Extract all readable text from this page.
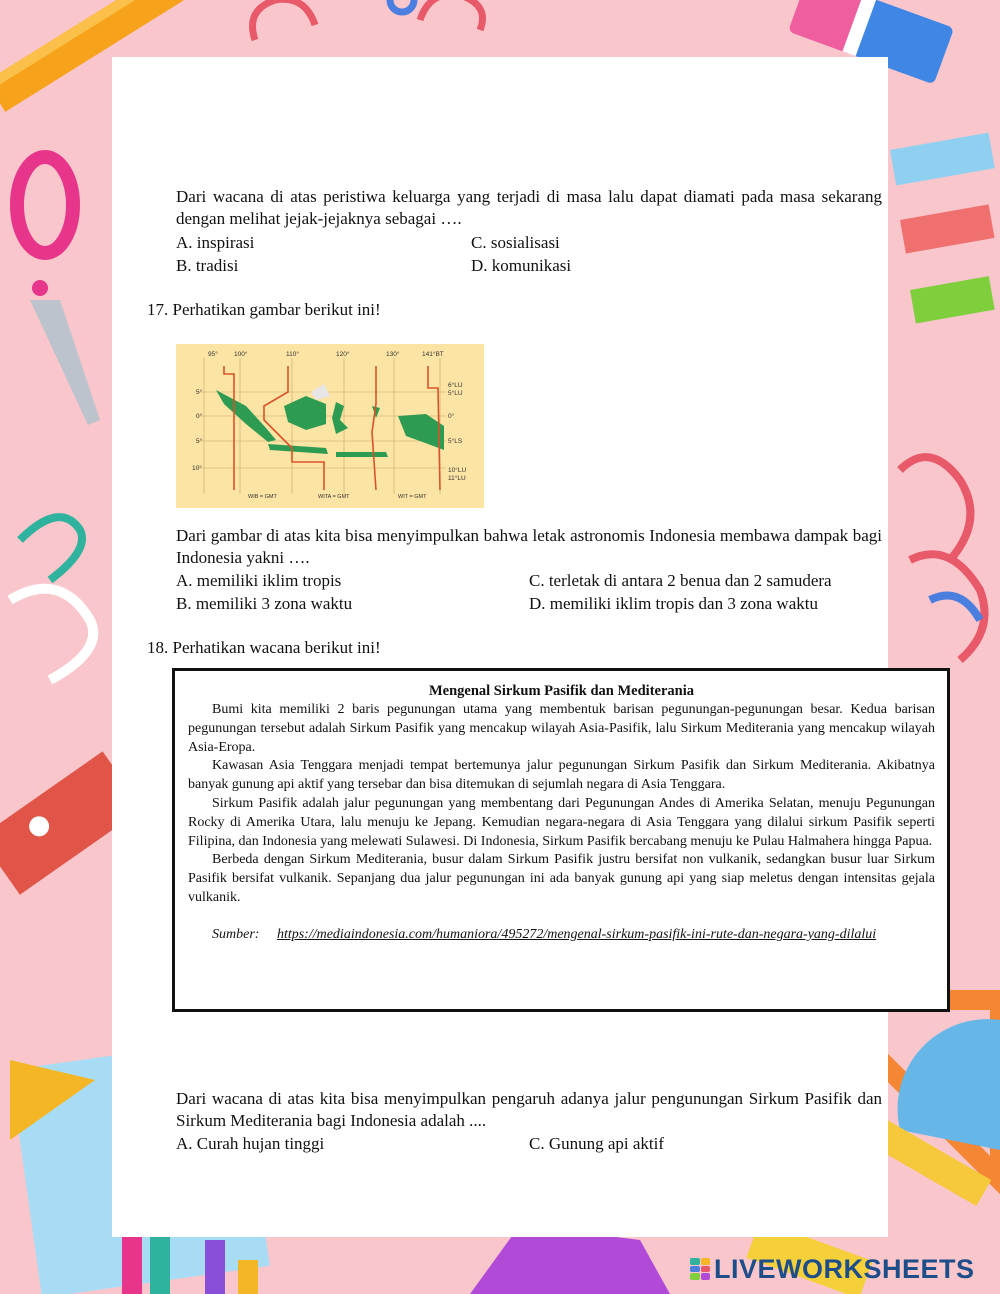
Dari wacana di atas peristiwa keluarga yang terjadi di masa lalu dapat diamati pada masa sekarang dengan melihat jejak-jejaknya sebagai ….

A. inspirasi	C. sosialisasi
B. tradisi	D. komunikasi
17. Perhatikan gambar berikut ini!
95° 100°	110°	120°	130°	141°BT
5°
0°
5°
10°
6°LU
5°LU
0°
5°LS
10°LU
11°LU
WIB = GMT	WITA = GMT	WIT = GMT

Dari gambar di atas kita bisa menyimpulkan bahwa letak astronomis Indonesia membawa dampak bagi Indonesia yakni ….

A. memiliki iklim tropis	C. terletak di antara 2 benua dan 2 samudera
B. memiliki 3 zona waktu	D. memiliki iklim tropis dan 3 zona waktu
18. Perhatikan wacana berikut ini!
Mengenal Sirkum Pasifik dan Mediterania

Bumi kita memiliki 2 baris pegunungan utama yang membentuk barisan pegunungan-pegunungan besar. Kedua barisan pegunungan tersebut adalah Sirkum Pasifik yang mencakup wilayah Asia-Pasifik, lalu Sirkum Mediterania yang mencakup wilayah Asia-Eropa.

Kawasan Asia Tenggara menjadi tempat bertemunya jalur pegunungan Sirkum Pasifik dan Sirkum Mediterania. Akibatnya banyak gunung api aktif yang tersebar dan bisa ditemukan di sejumlah negara di Asia Tenggara.

Sirkum Pasifik adalah jalur pegunungan yang membentang dari Pegunungan Andes di Amerika Selatan, menuju Pegunungan Rocky di Amerika Utara, lalu menuju ke Jepang. Kemudian negara-negara di Asia Tenggara yang dilalui sirkum Pasifik seperti Filipina, dan Indonesia yang melewati Sulawesi. Di Indonesia, Sirkum Pasifik bercabang menuju ke Pulau Halmahera hingga Papua.

Berbeda dengan Sirkum Mediterania, busur dalam Sirkum Pasifik justru bersifat non vulkanik, sedangkan busur luar Sirkum Pasifik bersifat vulkanik. Sepanjang dua jalur pegunungan ini ada banyak gunung api yang siap meletus dengan intensitas gejala vulkanik.

Sumber: https://mediaindonesia.com/humaniora/495272/mengenal-sirkum-pasifik-ini-rute-dan-negara-yang-dilalui

Dari wacana di atas kita bisa menyimpulkan pengaruh adanya jalur pengunungan Sirkum Pasifik dan Sirkum Mediterania bagi Indonesia adalah ....

A. Curah hujan tinggi	C. Gunung api aktif
LIVEWORKSHEETS
